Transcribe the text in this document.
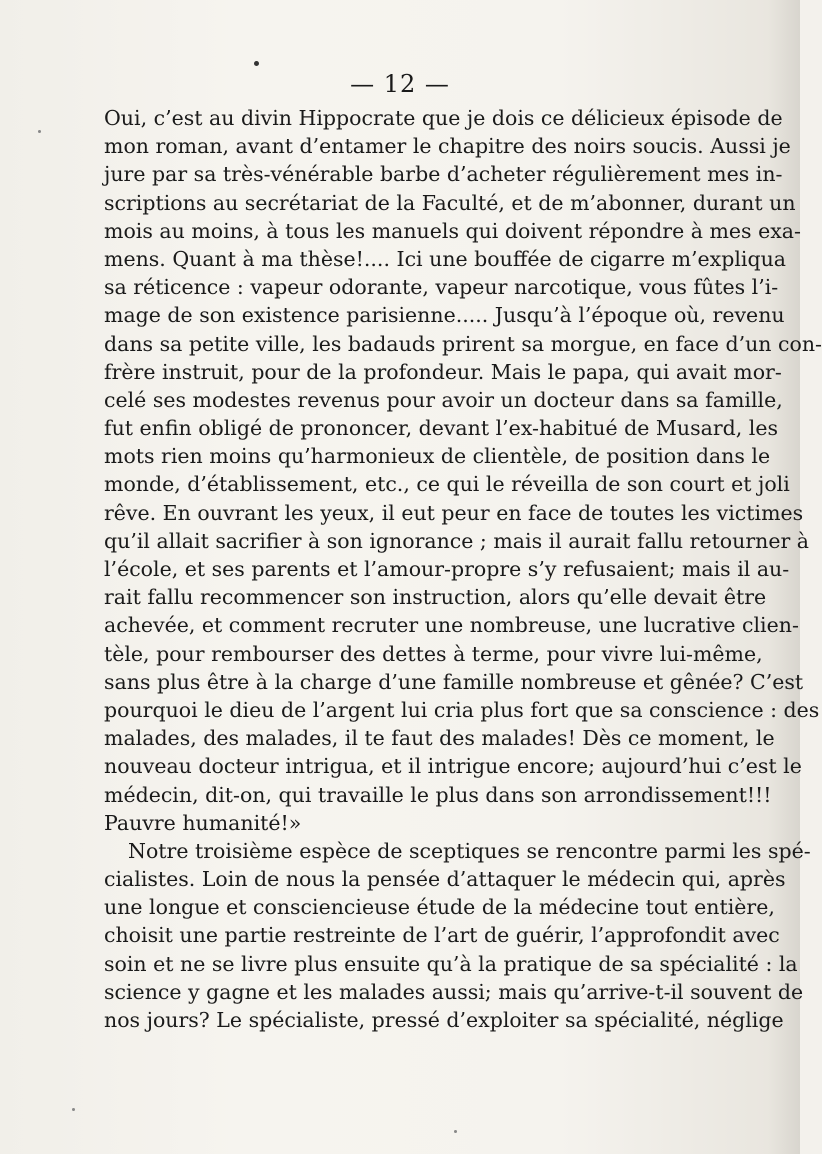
— 12 —
Oui, c’est au divin Hippocrate que je dois ce délicieux épisode de
mon roman, avant d’entamer le chapitre des noirs soucis. Aussi je
jure par sa très-vénérable barbe d’acheter régulièrement mes in-
scriptions au secrétariat de la Faculté, et de m’abonner, durant un
mois au moins, à tous les manuels qui doivent répondre à mes exa-
mens. Quant à ma thèse!.... Ici une bouffée de cigarre m’expliqua
sa réticence : vapeur odorante, vapeur narcotique, vous fûtes l’i-
mage de son existence parisienne..... Jusqu’à l’époque où, revenu
dans sa petite ville, les badauds prirent sa morgue, en face d’un con-
frère instruit, pour de la profondeur. Mais le papa, qui avait mor-
celé ses modestes revenus pour avoir un docteur dans sa famille,
fut enfin obligé de prononcer, devant l’ex-habitué de Musard, les
mots rien moins qu’harmonieux de clientèle, de position dans le
monde, d’établissement, etc., ce qui le réveilla de son court et joli
rêve. En ouvrant les yeux, il eut peur en face de toutes les victimes
qu’il allait sacrifier à son ignorance ; mais il aurait fallu retourner à
l’école, et ses parents et l’amour-propre s’y refusaient; mais il au-
rait fallu recommencer son instruction, alors qu’elle devait être
achevée, et comment recruter une nombreuse, une lucrative clien-
tèle, pour rembourser des dettes à terme, pour vivre lui-même,
sans plus être à la charge d’une famille nombreuse et gênée? C’est
pourquoi le dieu de l’argent lui cria plus fort que sa conscience : des
malades, des malades, il te faut des malades! Dès ce moment, le
nouveau docteur intrigua, et il intrigue encore; aujourd’hui c’est le
médecin, dit-on, qui travaille le plus dans son arrondissement!!!
Pauvre humanité!»
Notre troisième espèce de sceptiques se rencontre parmi les spé-
cialistes. Loin de nous la pensée d’attaquer le médecin qui, après
une longue et consciencieuse étude de la médecine tout entière,
choisit une partie restreinte de l’art de guérir, l’approfondit avec
soin et ne se livre plus ensuite qu’à la pratique de sa spécialité : la
science y gagne et les malades aussi; mais qu’arrive-t-il souvent de
nos jours? Le spécialiste, pressé d’exploiter sa spécialité, néglige
